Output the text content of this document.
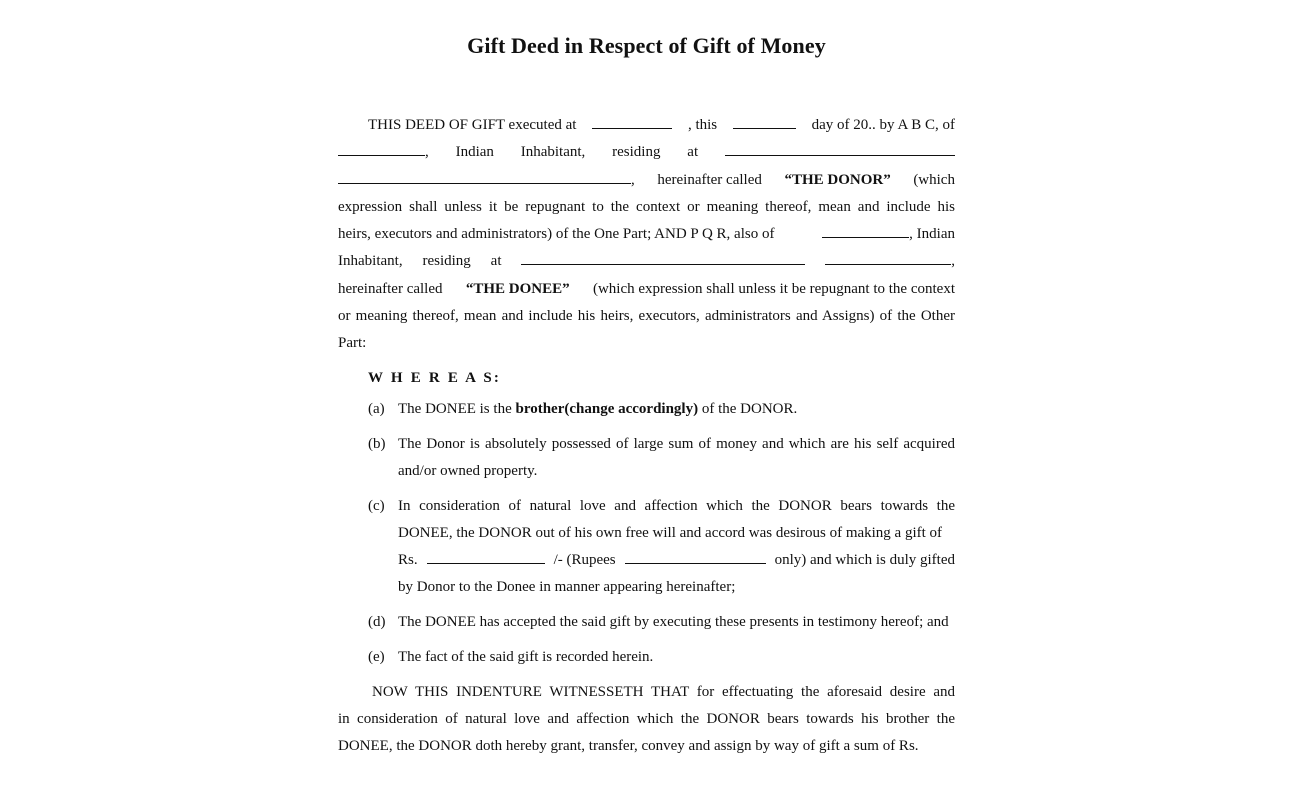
Gift Deed in Respect of Gift of Money
THIS DEED OF GIFT executed at	, this	day of 20.. by A B C, of
, Indian Inhabitant, residing at
, hereinafter called “THE DONOR” (which
expression shall unless it be repugnant to the context or meaning thereof, mean and include his
heirs, executors and administrators) of the One Part; AND P Q R, also of	, Indian
Inhabitant, residing at	,
hereinafter called “THE DONEE” (which expression shall unless it be repugnant to the context
or meaning thereof, mean and include his heirs, executors, administrators and Assigns) of the Other
Part:
W H E R E A S:
(a) The DONEE is the brother(change accordingly) of the DONOR.
(b) The Donor is absolutely possessed of large sum of money and which are his self acquired and/or owned property.
(c) In consideration of natural love and affection which the DONOR bears towards the DONEE, the DONOR out of his own free will and accord was desirous of making a gift of
Rs.	/- (Rupees	only) and which is duly gifted
by Donor to the Donee in manner appearing hereinafter;
(d) The DONEE has accepted the said gift by executing these presents in testimony hereof; and
(e) The fact of the said gift is recorded herein.
NOW THIS INDENTURE WITNESSETH THAT for effectuating the aforesaid desire and
in consideration of natural love and affection which the DONOR bears towards his brother the
DONEE, the DONOR doth hereby grant, transfer, convey and assign by way of gift a sum of Rs.
